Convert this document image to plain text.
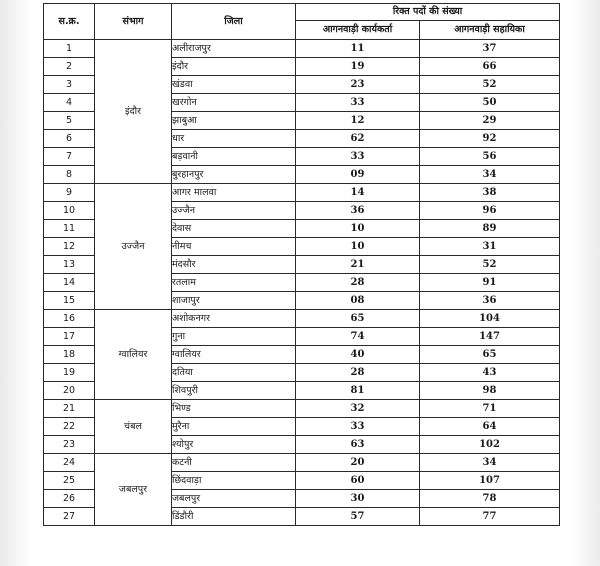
स.क्र.	संभाग	जिला	रिक्त पदों की संख्या	
			आगनवाड़ी कार्यकर्ता	आगनवाड़ी सहायिका
1	इंदौर	अलीराजपुर	11	37
2		इंदौर	19	66
3		खंडवा	23	52
4		खरगोन	33	50
5		झाबुआ	12	29
6		धार	62	92
7		बड़वानी	33	56
8		बुरहानपुर	09	34
9	उज्जैन	आगर मालवा	14	38
10		उज्जैन	36	96
11		देवास	10	89
12		नीमच	10	31
13		मंदसौर	21	52
14		रतलाम	28	91
15		शाजापुर	08	36
16	ग्वालियर	अशोकनगर	65	104
17		गुना	74	147
18		ग्वालियर	40	65
19		दतिया	28	43
20		शिवपुरी	81	98
21	चंबल	भिण्ड	32	71
22		मुरैना	33	64
23		श्योपुर	63	102
24	जबलपुर	कटनी	20	34
25		छिंदवाड़ा	60	107
26		जबलपुर	30	78
27		डिंडौरी	57	77
